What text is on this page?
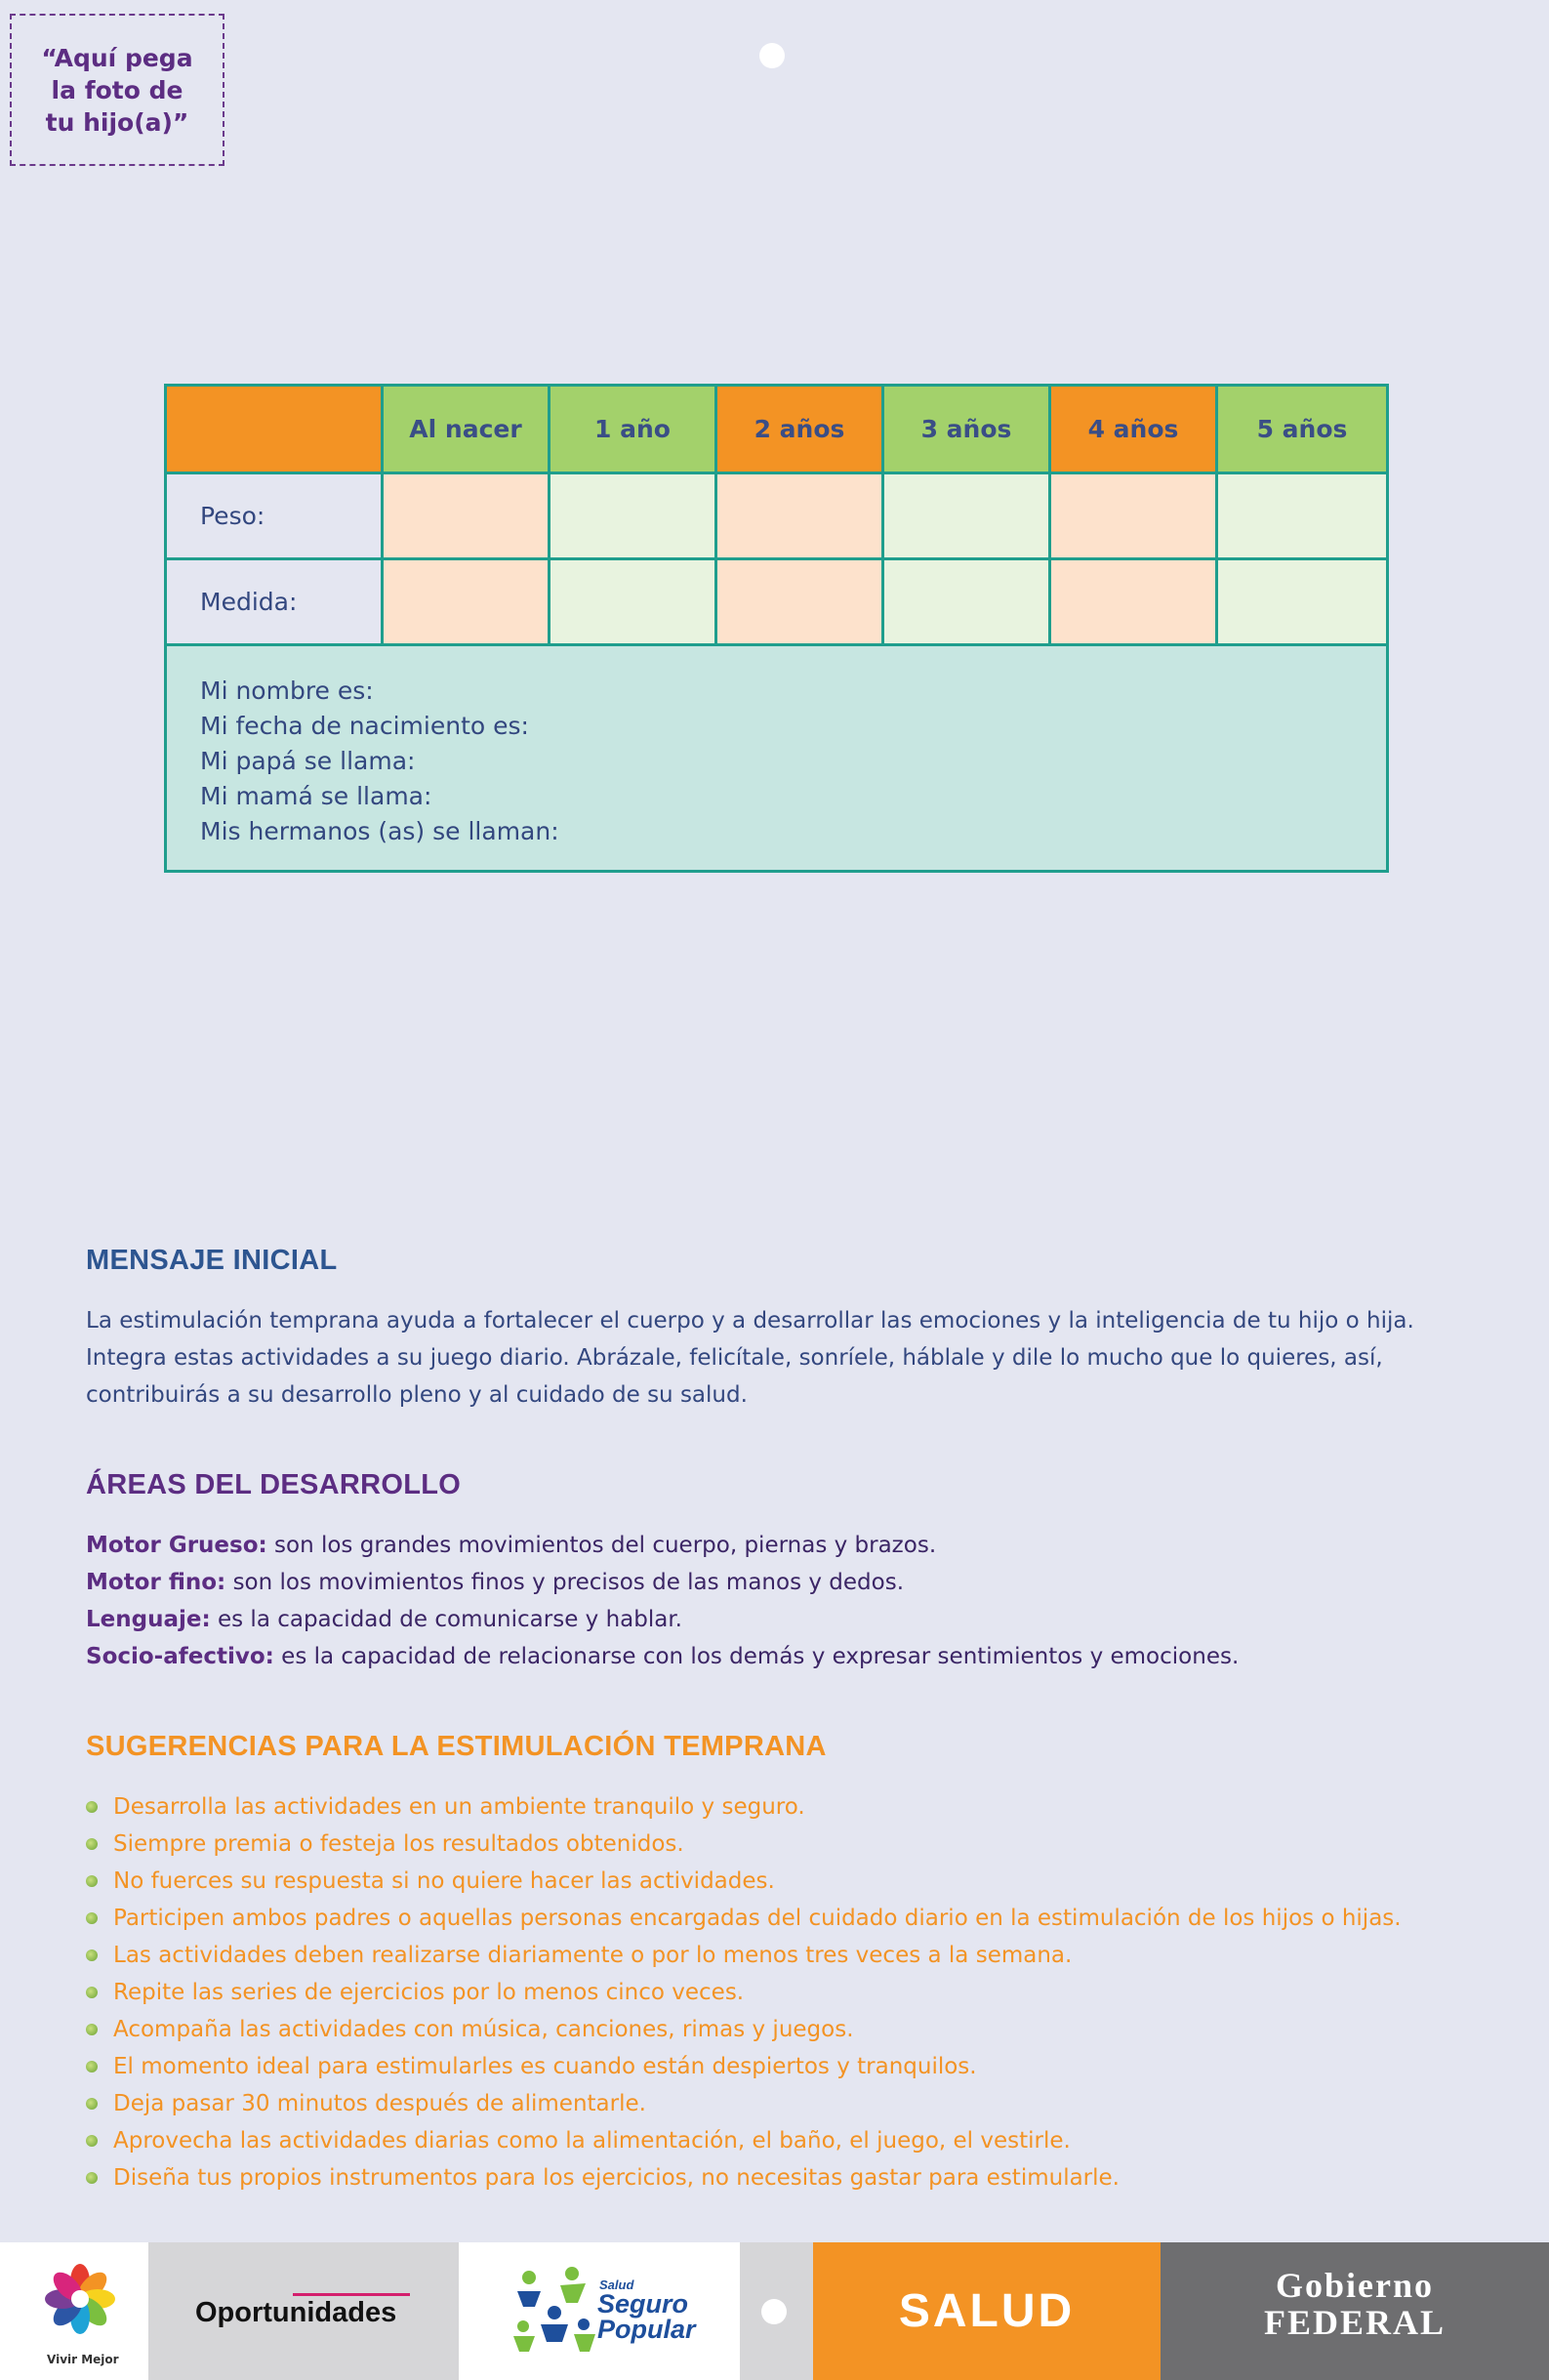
“Aquí pega
la foto de
tu hijo(a)”
	Al nacer	1 año	2 años	3 años	4 años	5 años
Peso:						
Medida:						

Mi nombre es:
Mi fecha de nacimiento es:
Mi papá se llama:
Mi mamá se llama:
Mis hermanos (as) se llaman:						
MENSAJE INICIAL
La estimulación temprana ayuda a fortalecer el cuerpo y a desarrollar las emociones y la inteligencia de tu hijo o hija. Integra estas actividades a su juego diario. Abrázale, felicítale, sonríele, háblale y dile lo mucho que lo quieres, así, contribuirás a su desarrollo pleno y al cuidado de su salud.
ÁREAS DEL DESARROLLO
Motor Grueso: son los grandes movimientos del cuerpo, piernas y brazos.
Motor fino: son los movimientos finos y precisos de las manos y dedos.
Lenguaje: es la capacidad de comunicarse y hablar.
Socio-afectivo: es la capacidad de relacionarse con los demás y expresar sentimientos y emociones.
SUGERENCIAS PARA LA ESTIMULACIÓN TEMPRANA
Desarrolla las actividades en un ambiente tranquilo y seguro.
Siempre premia o festeja los resultados obtenidos.
No fuerces su respuesta si no quiere hacer las actividades.
Participen ambos padres o aquellas personas encargadas del cuidado diario en la estimulación de los hijos o hijas.
Las actividades deben realizarse diariamente o por lo menos tres veces a la semana.
Repite las series de ejercicios por lo menos cinco veces.
Acompaña las actividades con música, canciones, rimas y juegos.
El momento ideal para estimularles es cuando están despiertos y tranquilos.
Deja pasar 30 minutos después de alimentarle.
Aprovecha las actividades diarias como la alimentación, el baño, el juego, el vestirle.
Diseña tus propios instrumentos para los ejercicios, no necesitas gastar para estimularle.
Vivir Mejor
Oportunidades
Salud
Seguro
Popular	SALUD	Gobierno
FEDERAL
